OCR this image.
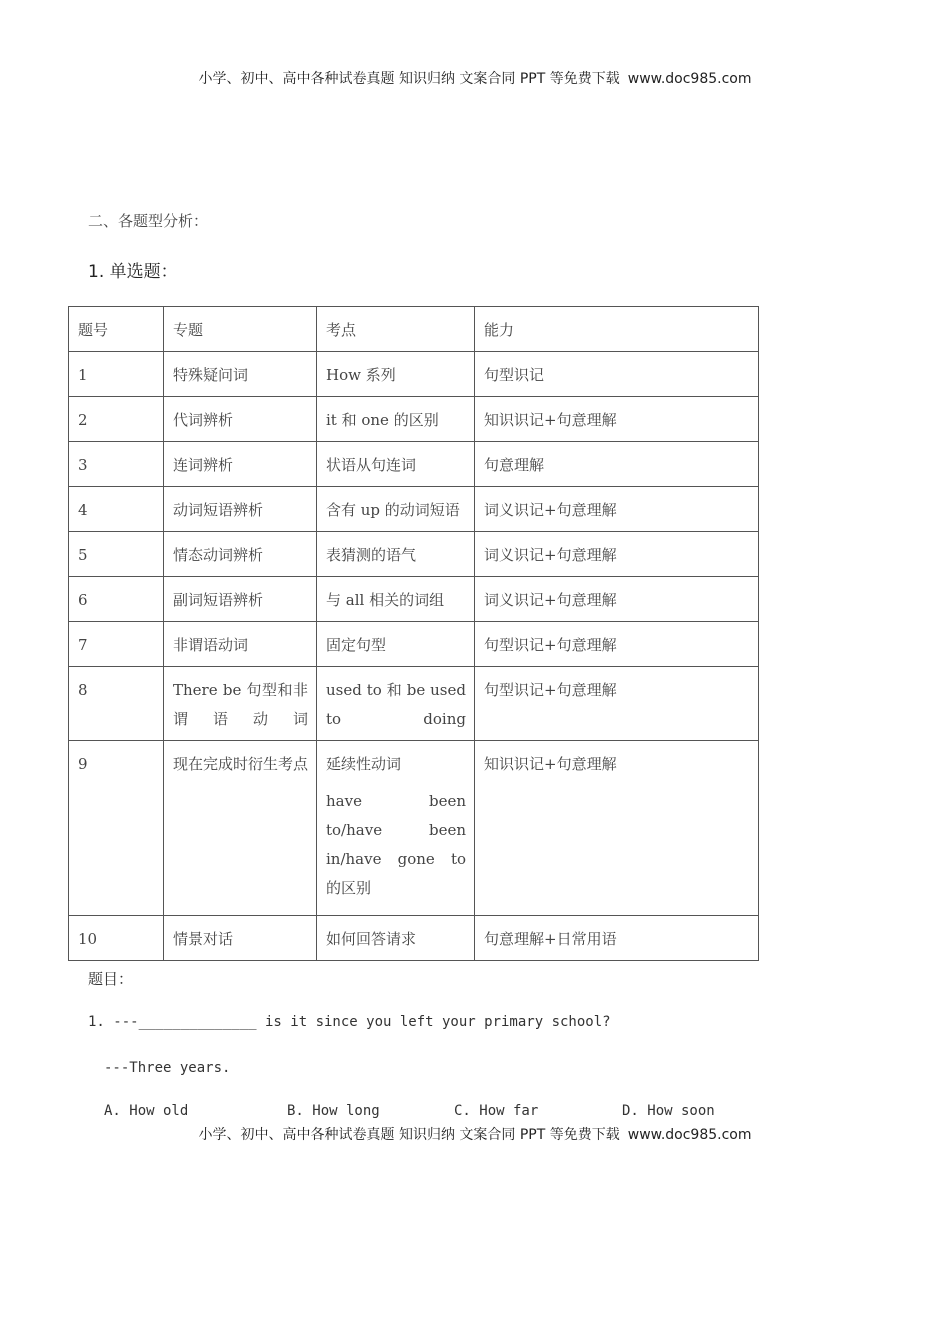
小学、初中、高中各种试卷真题 知识归纳 文案合同 PPT 等免费下载 www.doc985.com
二、各题型分析：
1. 单选题：
题号	专题	考点	能力
1	特殊疑问词	How 系列	句型识记
2	代词辨析	it 和 one 的区别	知识识记+句意理解
3	连词辨析	状语从句连词	句意理解
4	动词短语辨析	含有 up 的动词短语	词义识记+句意理解
5	情态动词辨析	表猜测的语气	词义识记+句意理解
6	副词短语辨析	与 all 相关的词组	词义识记+句意理解
7	非谓语动词	固定句型	句型识记+句意理解
8	There be 句型和非谓语动词	used to 和 be used to doing	句型识记+句意理解
9	现在完成时衍生考点	延续性动词
have been
to/have been
in/have gone to
的区别	知识识记+句意理解
10	情景对话	如何回答请求	句意理解+日常用语
题目：
1. ---______________ is it since you left your primary school?
---Three years.

A. How old

	B. How long

	C. How far

	D. How soon

小学、初中、高中各种试卷真题 知识归纳 文案合同 PPT 等免费下载 www.doc985.com
